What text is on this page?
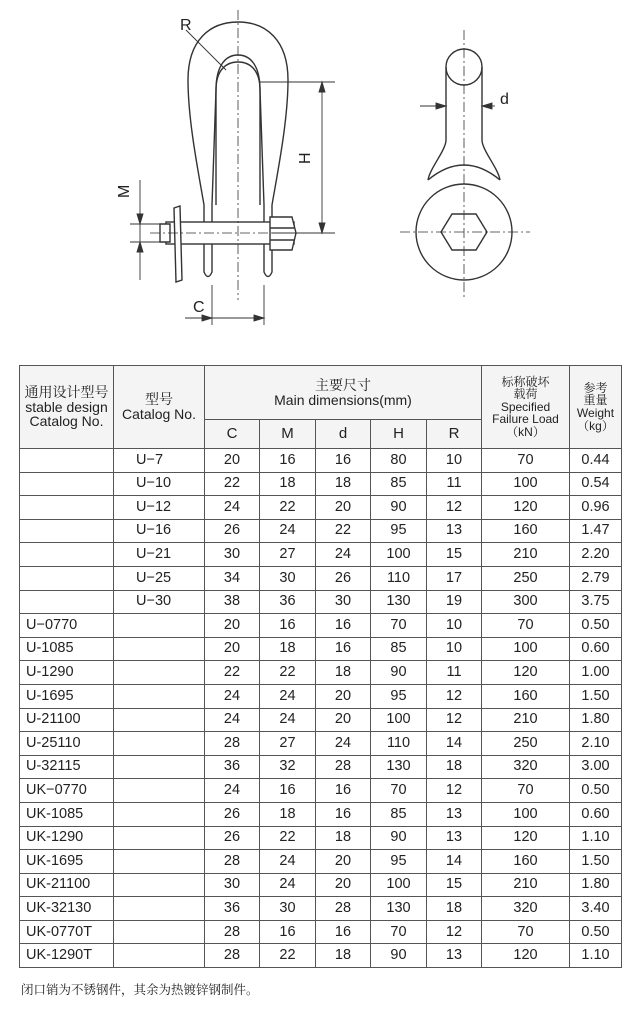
R
H
M
C
d
通用设计型号
stable design
Catalog No.	型号
Catalog No.	主要尺寸
Main dimensions(mm)					标称破坏
载荷
Specified
Failure Load
（kN）	参考
重量
Weight
（kg）

		C	M	d	H	R		
	U−7	20	16	16	80	10	70	0.44
	U−10	22	18	18	85	11	100	0.54
	U−12	24	22	20	90	12	120	0.96
	U−16	26	24	22	95	13	160	1.47
	U−21	30	27	24	100	15	210	2.20
	U−25	34	30	26	110	17	250	2.79
	U−30	38	36	30	130	19	300	3.75
U−0770		20	16	16	70	10	70	0.50
U-1085		20	18	16	85	10	100	0.60
U-1290		22	22	18	90	11	120	1.00
U-1695		24	24	20	95	12	160	1.50
U-21100		24	24	20	100	12	210	1.80
U-25110		28	27	24	110	14	250	2.10
U-32115		36	32	28	130	18	320	3.00
UK−0770		24	16	16	70	12	70	0.50
UK-1085		26	18	16	85	13	100	0.60
UK-1290		26	22	18	90	13	120	1.10
UK-1695		28	24	20	95	14	160	1.50
UK-21100		30	24	20	100	15	210	1.80
UK-32130		36	30	28	130	18	320	3.40
UK-0770T		28	16	16	70	12	70	0.50
UK-1290T		28	22	18	90	13	120	1.10
闭口销为不锈钢件，其余为热镀锌钢制件。
